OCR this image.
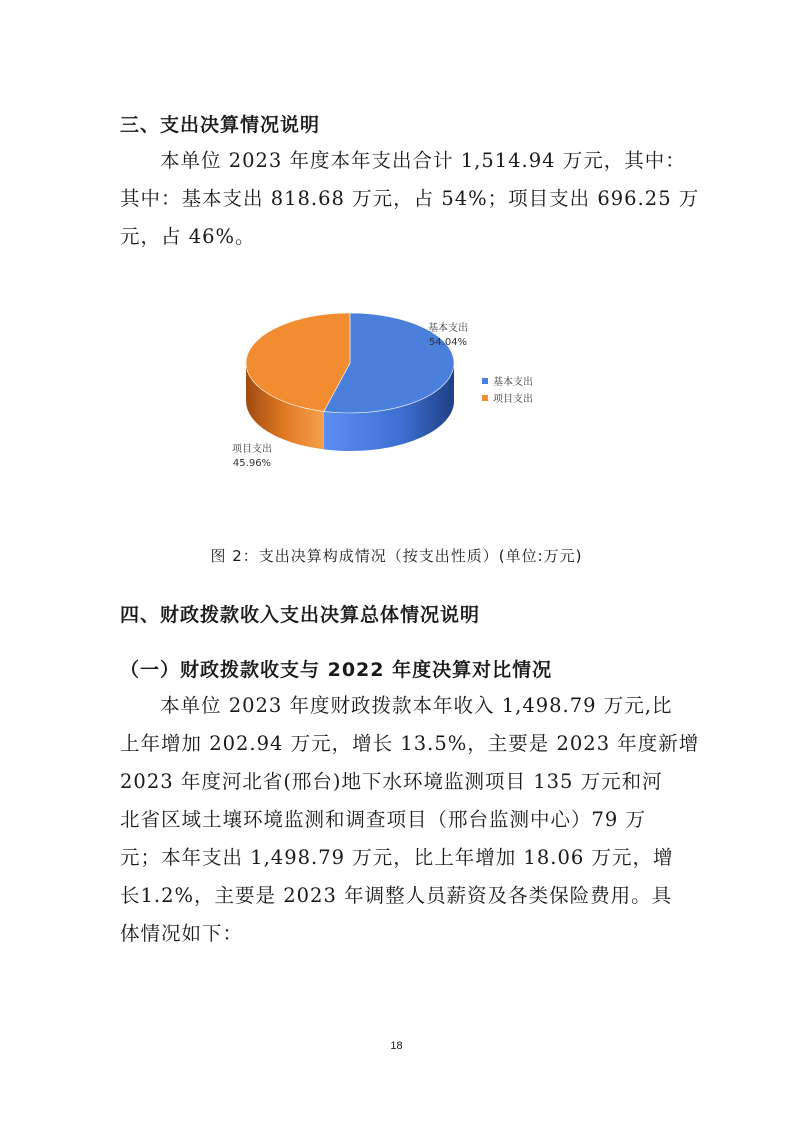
三、支出决算情况说明
本单位 2023 年度本年支出合计 1,514.94 万元，其中：
其中：基本支出 818.68 万元，占 54%；项目支出 696.25 万
元，占 46%。
基本支出
54.04%
项目支出
45.96%
基本支出
项目支出
图 2：支出决算构成情况（按支出性质）(单位:万元)
四、财政拨款收入支出决算总体情况说明
（一）财政拨款收支与 2022 年度决算对比情况
本单位 2023 年度财政拨款本年收入 1,498.79 万元,比
上年增加 202.94 万元，增长 13.5%，主要是 2023 年度新增
2023 年度河北省(邢台)地下水环境监测项目 135 万元和河
北省区域土壤环境监测和调查项目（邢台监测中心）79 万
元；本年支出 1,498.79 万元，比上年增加 18.06 万元，增
长1.2%，主要是 2023 年调整人员薪资及各类保险费用。具
体情况如下：
18
